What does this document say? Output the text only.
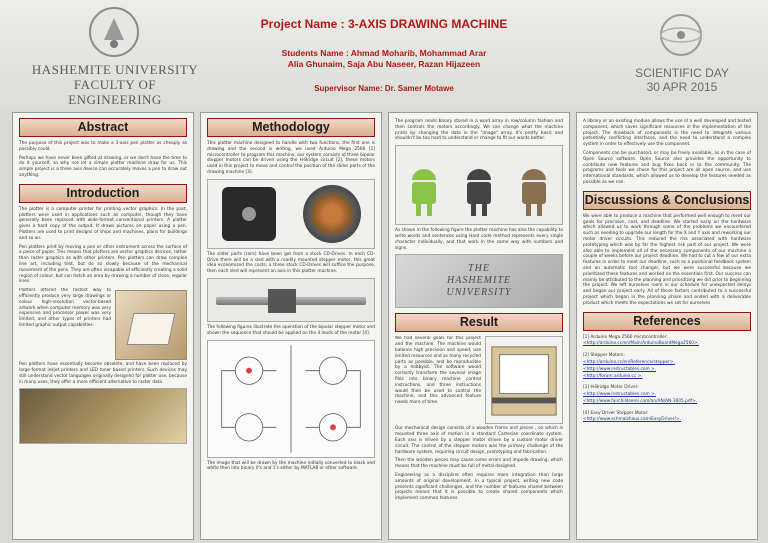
HASHEMITE UNIVERSITY
FACULTY OF ENGINEERING
SCIENTIFIC DAY
30 APR 2015
Project Name : 3-AXIS DRAWING MACHINE
Students Name : Ahmad Moharib, Mohammad Arar
Alia Ghunaim, Saja Abu Naseer, Razan Hijazeen
Supervisor Name: Dr. Samer Motawe
Abstract

The purpose of this project was to make a 3-axis pen plotter as cheaply as possibly could.

Perhaps we have never been gifted at drawing, or we don't have the time to do it yourself, so why not let a simple plotter machine draw for us. This simple project is a three axis device can accurately moves a pen to draw out anything.

Introduction

The plotter is a computer printer for printing vector graphics. In the past, plotters were used in applications such as computer, though they have generally been replaced with wide-format conventional printers. A plotter gives a hard copy of the output. It draws pictures on paper using a pen. Plotters are used to print designs of ships and machines, plans for buildings and so on.

Pen plotters print by moving a pen or other instrument across the surface of a piece of paper. This means that plotters are vector graphics devices, rather than raster graphics as with other printers. Pen plotters can draw complex line art, including text, but do so slowly because of the mechanical movement of the pens. They are often incapable of efficiently creating a solid region of colour, but can hatch an area by drawing a number of close, regular lines.

Plotters offered the fastest way to efficiently produce very large drawings or colour high-resolution vector-based artwork when computer memory was very expensive and processor power was very limited, and other types of printers had limited graphic output capabilities.

Pen plotters have essentially become obsolete, and have been replaced by large-format inkjet printers and LED toner based printers. Such devices may still understand vector languages originally designed for plotter use, because in many uses, they offer a more efficient alternative to raster data.

Methodology

This plotter machine designed to handle with two functions, the first one is drawing and the second is writing, we used Arduino Mega 2560 [1] microcontroller to program this machine, our system consists of three bipolar stepper motors can be driven using the H-Bridge circuit [2], these motors used in this project to move and control the position of the slider parts of the drawing machine [3].

The slider parts (rails) have been got from a stock CD-Drives. In each CD-Drive there will be a sled with a readily mounted stepper motor, this great idea economized the costs; a three stock CD-Drives will suffice the purpose, then each sled will represent an axis in this plotter machine.

The following figures illustrate the operation of the bipolar stepper motor and shown the sequence that should be applied on the 4 leads of the motor [4].

The image that will be drawn by the machine initially converted to black and white then into binary 0's and 1's either by MATLAB or other software.

The program reads binary stored in a word array in row/column fashion and then controls the motors accordingly. We can change what the machine prints by changing the data in the "image" array. It's pretty basic and shouldn't be too hard to understand or change to fit our wants better.

As shown in the following figure the plotter machine has also the capability to write words and sentences using Hard code method represents every single character individually, and that work in the same way with numbers and signs.

THE
HASHEMITE
UNIVERSITY
Result

We had several goals for this project and the machine. The machine would balance high precision and speed, use limited resources and as many recycled parts as possible, and be reproducible by a hobbyist. The software would correctly transform the several image files into binary machine control instructions, and three instructions would then be used to control the machine, and this advanced feature needs more of time.

Our mechanical design consists of a wooden frame and pieces , on which is mounted three axis of motion in a standard Cartesian coordinate system. Each axis is driven by a stepper motor driven by a custom motor driver circuit. The control of the stepper motors was the primary challenge of the hardware system, requiring circuit design, prototyping and fabrication.

Then the wooden pieces may cause some errors and impede drawing, which means that the machine must be full of metal designed.

Engineering as a discipline often requires more integration than large amounts of original development. In a typical project, writing new code presents significant challenges, and the number of features shared between projects means that it is possible to create shared components which implement common features.

A library or an existing module allows the use of a well developed and tested component, which saves significant resources in the implementation of the project. The drawback of components is the need to integrate various potentially conflicting interfaces, and the need to understand a complex system in order to effectively use the component.

Components can be purchased, or may be freely available, as in the case of Open Source software. Open Source also provides the opportunity to contribute new features and bug fixes back in to the community. The programs and tools we chose for this project are all open source, and use international standards, which allowed us to develop the features needed as possible as we can.

Discussions & Conclusions

We were able to produce a machine that performed well enough to meet our goals for precision, cost, and deadline. We started early on the hardware which allowed us to work through some of the problems we encountered such as needing to upgrade our length for the X and Y axis and reworking our motor driver circuits. This reduced the risk associated with hardware prototyping which was by far the highest risk part of our project. We were also able to implement all of the necessary components of our machine a couple of weeks before our project deadline. We had to cut a few of our extra features in order to meet our deadline, such as a positional feedback system and an automatic tool changer, but we were successful because we prioritized these features and worked on the essentials first. Our success can mainly be attributed to the planning and prioritizing we did prior to beginning the project. We left ourselves room in our schedule for unexpected delays and began our project early. All of these factors contributed to a successful project which began in the planning phase and ended with a deliverable product which meets the expectations we set for ourselves

References

[1] Arduino Mega 2560 microcontroller:

<http://arduino.cc/en/Main/ArduinoBoardMega2560>.

[2] Stepper Motors:

<http://arduino.cc/en/Reference/stepper>.

<http://www.instructables.com >.

<http://forum.arduino.cc >.

[3] H-Bridge Motor Driver:

<http://www.instructables.com >.

<http://www.fairchildsemi.com/an/AN/AN-3005.pdf>.

[4] Easy Driver Stepper Motor:

<http://www.schmalzhaus.com/EasyDriver/>.
